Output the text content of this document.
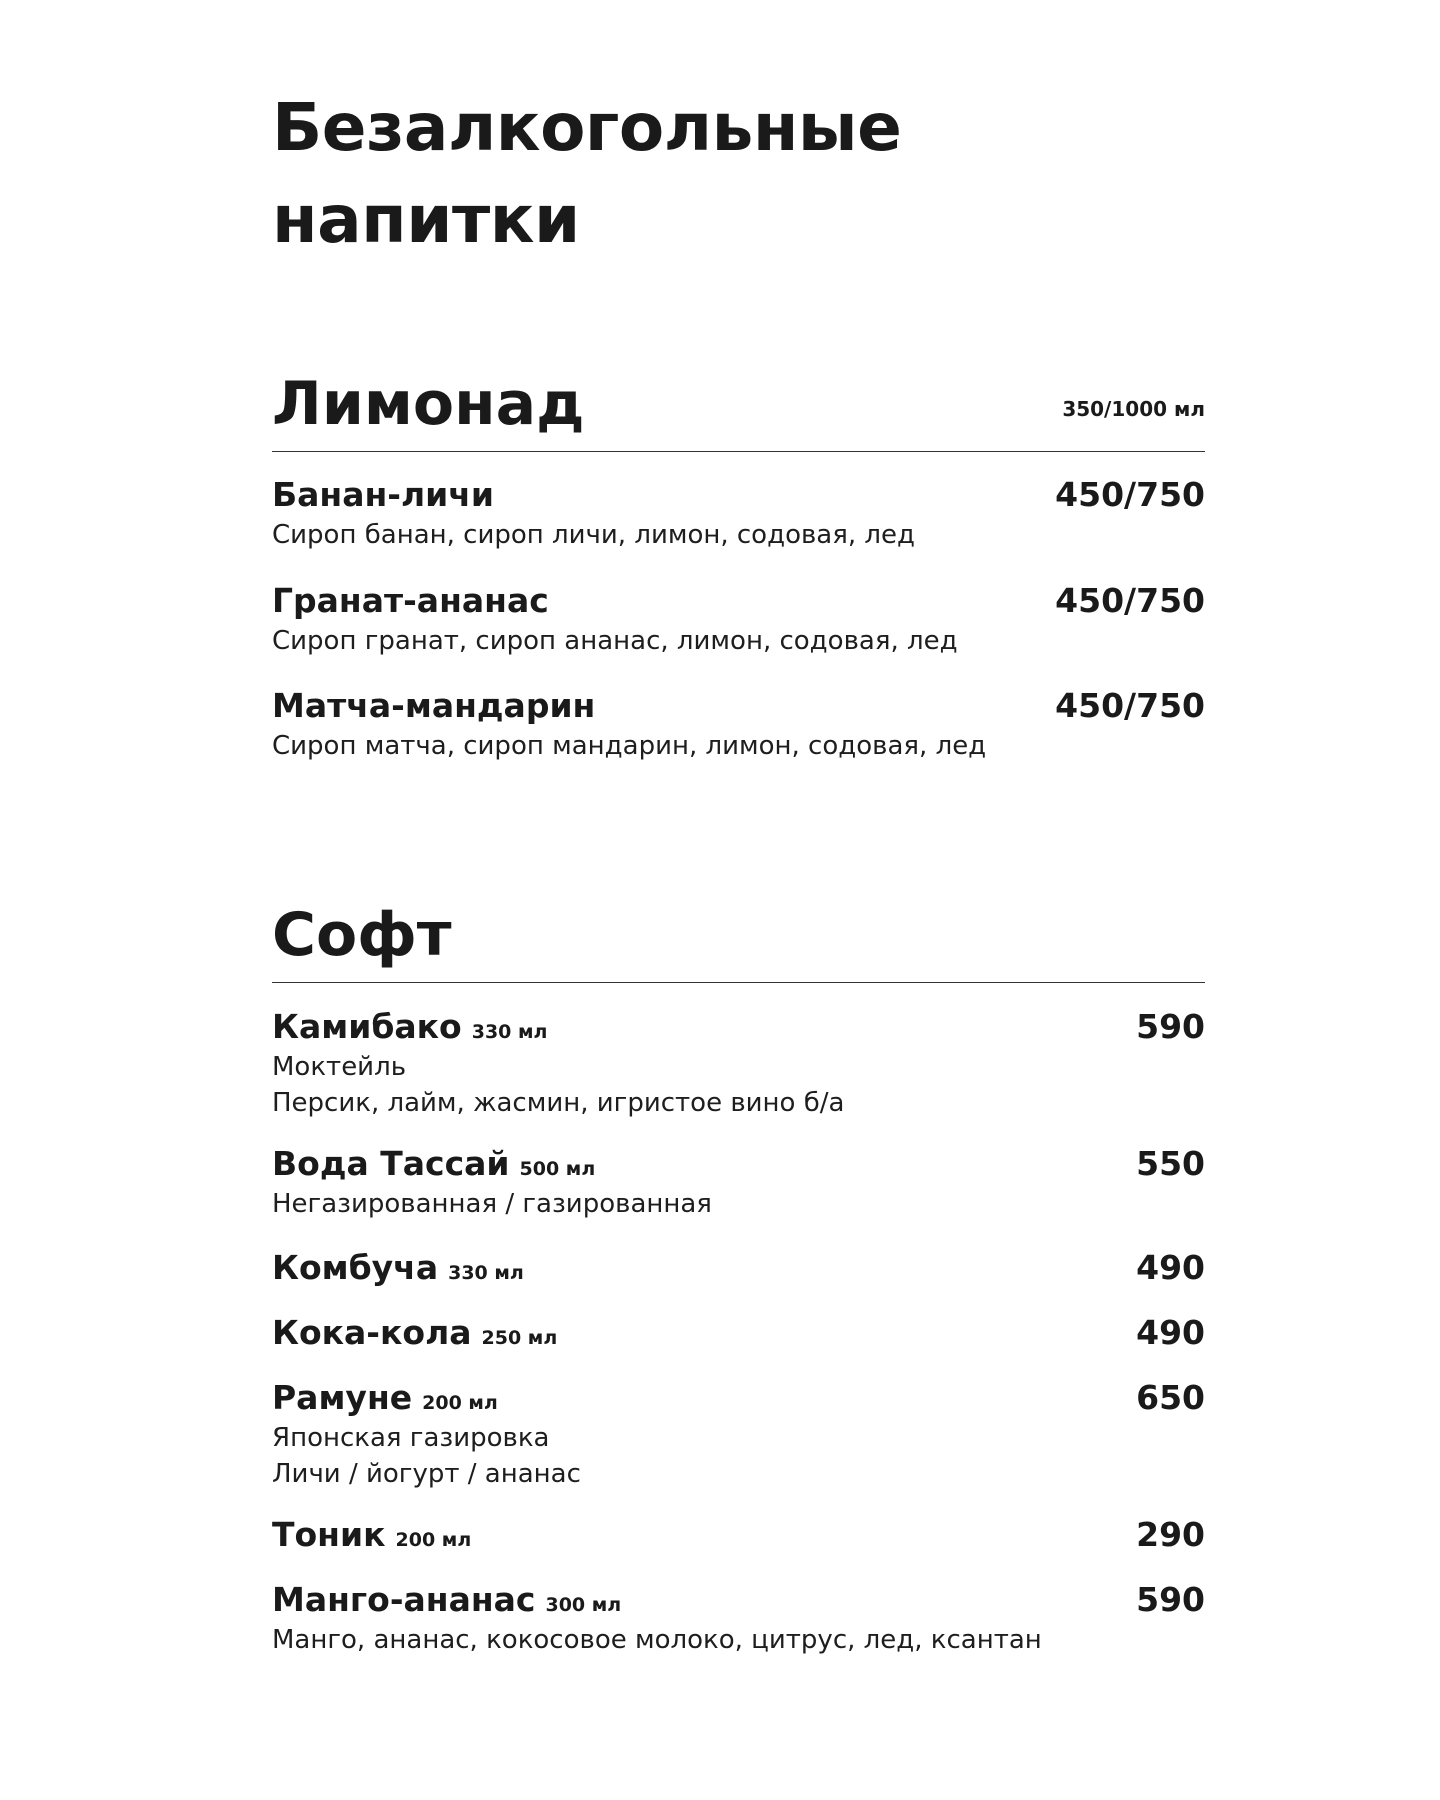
Безалкогольные
напитки
Лимонад	350/1000 мл
Банан-личи	450/750
Сироп банан, сироп личи, лимон, содовая, лед
Гранат-ананас	450/750
Сироп гранат, сироп ананас, лимон, содовая, лед
Матча-мандарин	450/750
Сироп матча, сироп мандарин, лимон, содовая, лед
Софт
Камибако 330 мл	590
Моктейль
Персик, лайм, жасмин, игристое вино б/а
Вода Тассай 500 мл	550
Негазированная / газированная
Комбуча 330 мл	490
Кока-кола 250 мл	490
Рамуне 200 мл	650
Японская газировка
Личи / йогурт / ананас
Тоник 200 мл	290
Манго-ананас 300 мл	590
Манго, ананас, кокосовое молоко, цитрус, лед, ксантан
